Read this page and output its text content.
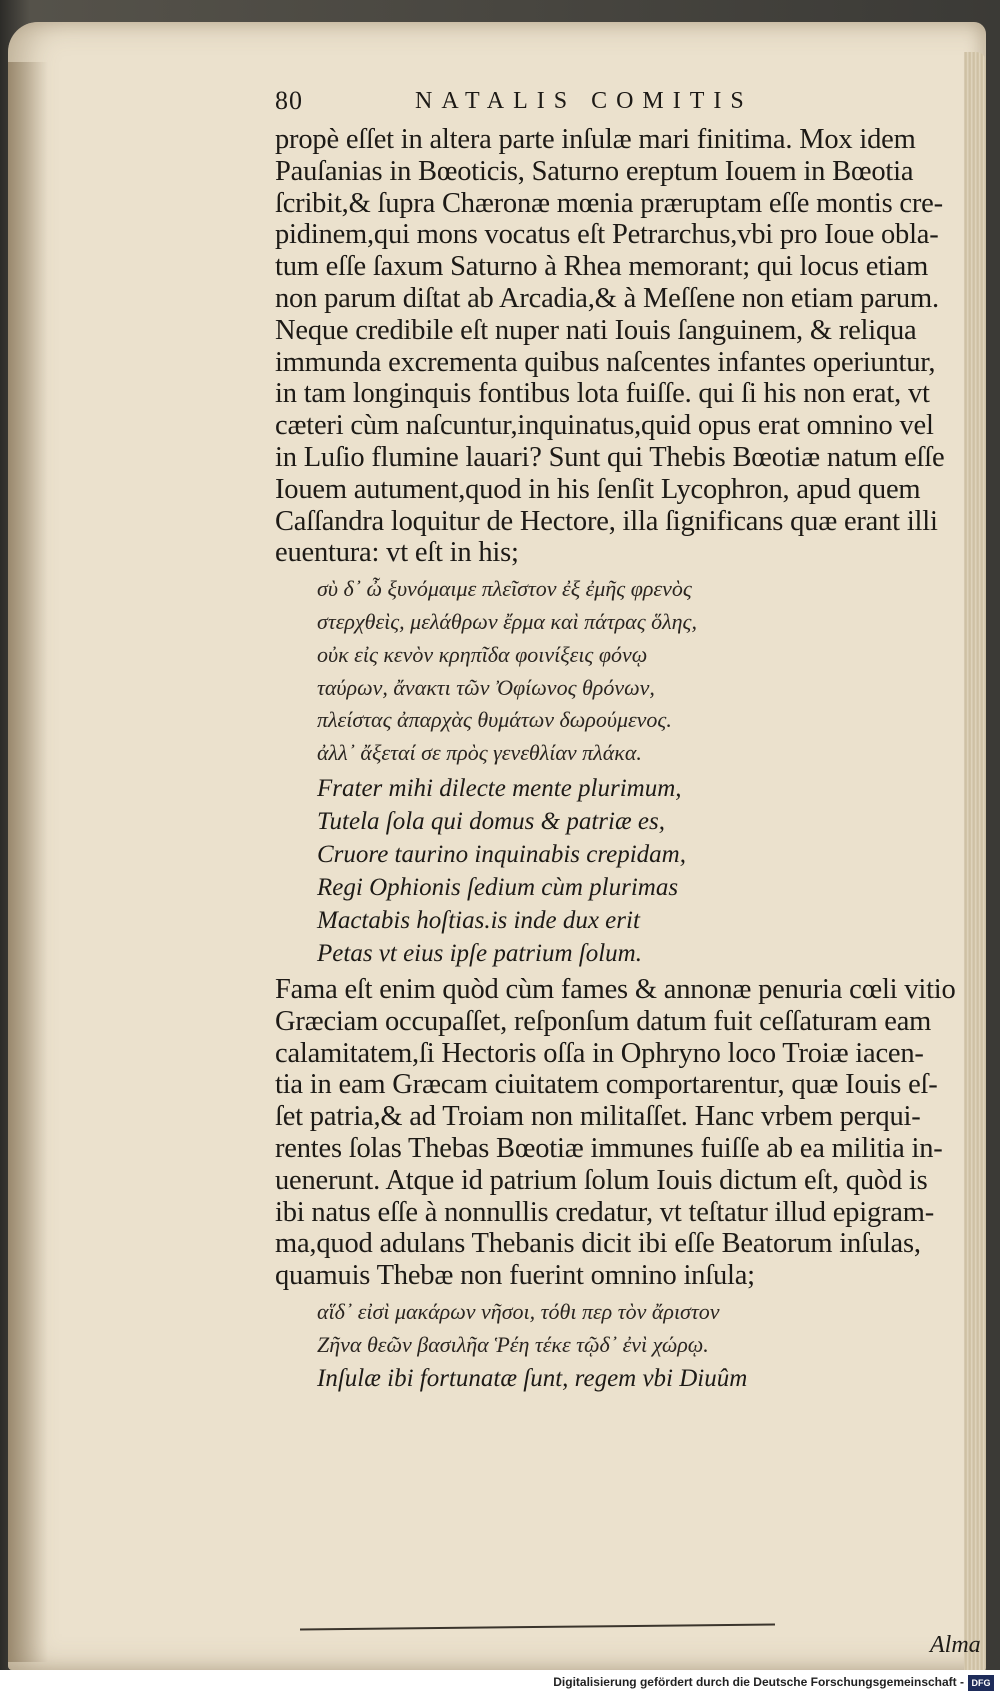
80	NATALIS COMITIS
propè eſſet in altera parte inſulæ mari finitima. Mox idem
Pauſanias in Bœoticis, Saturno ereptum Iouem in Bœotia
ſcribit,& ſupra Chæronæ mœnia præruptam eſſe montis cre-
pidinem,qui mons vocatus eſt Petrarchus,vbi pro Ioue obla-
tum eſſe ſaxum Saturno à Rhea memorant; qui locus etiam
non parum diſtat ab Arcadia,& à Meſſene non etiam parum.
Neque credibile eſt nuper nati Iouis ſanguinem, & reliqua
immunda excrementa quibus naſcentes infantes operiuntur,
in tam longinquis fontibus lota fuiſſe. qui ſi his non erat, vt
cæteri cùm naſcuntur,inquinatus,quid opus erat omnino vel
in Luſio flumine lauari? Sunt qui Thebis Bœotiæ natum eſſe
Iouem autument,quod in his ſenſit Lycophron, apud quem
Caſſandra loquitur de Hectore, illa ſignificans quæ erant illi
euentura: vt eſt in his;
σὺ δ᾽ ὦ ξυνόμαιμε πλεῖστον ἐξ ἐμῆς φρενὸς
στερχθεὶς, μελάθρων ἔρμα καὶ πάτρας ὅλης,
οὐκ εἰς κενὸν κρηπῖδα φοινίξεις φόνῳ
ταύρων, ἄνακτι τῶν Ὀφίωνος θρόνων,
πλείστας ἀπαρχὰς θυμάτων δωρούμενος.
ἀλλ᾽ ἄξεταί σε πρὸς γενεθλίαν πλάκα.
Frater mihi dilecte mente plurimum,
Tutela ſola qui domus & patriæ es,
Cruore taurino inquinabis crepidam,
Regi Ophionis ſedium cùm plurimas
Mactabis hoſtias.is inde dux erit
Petas vt eius ipſe patrium ſolum.
Fama eſt enim quòd cùm fames & annonæ penuria cœli vitio
Græciam occupaſſet, reſponſum datum fuit ceſſaturam eam
calamitatem,ſi Hectoris oſſa in Ophryno loco Troiæ iacen-
tia in eam Græcam ciuitatem comportarentur, quæ Iouis eſ-
ſet patria,& ad Troiam non militaſſet. Hanc vrbem perqui-
rentes ſolas Thebas Bœotiæ immunes fuiſſe ab ea militia in-
uenerunt. Atque id patrium ſolum Iouis dictum eſt, quòd is
ibi natus eſſe à nonnullis credatur, vt teſtatur illud epigram-
ma,quod adulans Thebanis dicit ibi eſſe Beatorum inſulas,
quamuis Thebæ non fuerint omnino inſula;
αἵδ᾽ εἰσὶ μακάρων νῆσοι, τόθι περ τὸν ἄριστον
Ζῆνα θεῶν βασιλῆα Ῥέη τέκε τῷδ᾽ ἐνὶ χώρῳ.
Inſulæ ibi fortunatæ ſunt, regem vbi Diuûm
Alma
Digitalisierung gefördert durch die Deutsche Forschungsgemeinschaft - DFG
